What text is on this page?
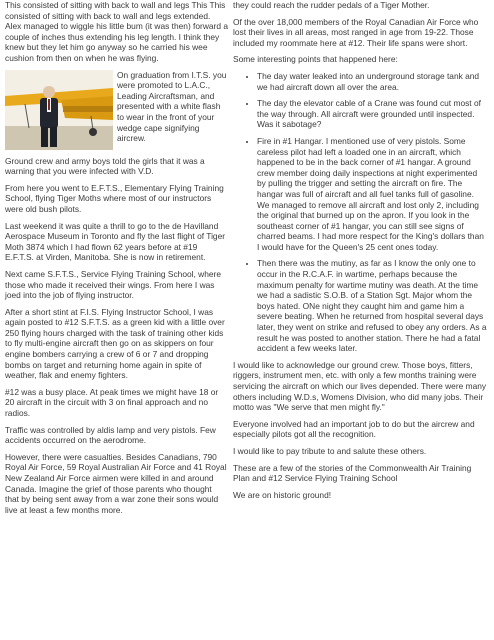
This consisted of sitting with back to wall and legs This This consisted of sitting with back to wall and legs extended. Alex managed to wiggle his little bum (it was then) forward a couple of inches thus extending his leg length. I think they knew but they let him go anyway so he carried his wee cushion from then on when he was flying.

On graduation from I.T.S. you were promoted to L.A.C., Leading Aircraftsman, and presented with a white flash to wear in the front of your wedge cape signifying aircrew.

Ground crew and army boys told the girls that it was a warning that you were infected with V.D.

From here you went to E.F.T.S., Elementary Flying Training School, flying Tiger Moths where most of our instructors were old bush pilots.

Last weekend it was quite a thrill to go to the de Havilland Aerospace Museum in Toronto and fly the last flight of Tiger Moth 3874 which I had flown 62 years before at #19 E.F.T.S. at Virden, Manitoba. She is now in retirement.

Next came S.F.T.S., Service Flying Training School, where those who made it received their wings. From here I was joed into the job of flying instructor.

After a short stint at F.I.S. Flying Instructor School, I was again posted to #12 S.F.T.S. as a green kid with a little over 250 flying hours charged with the task of training other kids to fly multi-engine aircraft then go on as skippers on four engine bombers carrying a crew of 6 or 7 and dropping bombs on target and returning home again in spite of weather, flak and enemy fighters.

#12 was a busy place. At peak times we might have 18 or 20 aircraft in the circuit with 3 on final approach and no radios.

Traffic was controlled by aldis lamp and very pistols. Few accidents occurred on the aerodrome.

However, there were casualties. Besides Canadians, 790 Royal Air Force, 59 Royal Australian Air Force and 41 Royal New Zealand Air Force airmen were killed in and around Canada. Imagine the grief of those parents who thought that by being sent away from a war zone their sons would live at least a few months more.

they could reach the rudder pedals of a Tiger Mother.

Of the over 18,000 members of the Royal Canadian Air Force who lost their lives in all areas, most ranged in age from 19-22. Those included my roommate here at #12. Their life spans were short.

Some interesting points that happened here:

• The day water leaked into an underground storage tank and we had aircraft down all over the area.
• The day the elevator cable of a Crane was found cut most of the way through. All aircraft were grounded until inspected. Was it sabotage?
• Fire in #1 Hangar. I mentioned use of very pistols. Some careless pilot had left a loaded one in an aircraft, which happened to be in the back corner of #1 hangar. A ground crew member doing daily inspections at night experimented by pulling the trigger and setting the aircraft on fire. The hangar was full of aircraft and all fuel tanks full of gasoline. We managed to remove all aircraft and lost only 2, including the original that burned up on the apron. If you look in the southeast corner of #1 hangar, you can still see signs of charred beams. I had more respect for the King's dollars than I would have for the Queen's 25 cent ones today.
• Then there was the mutiny, as far as I know the only one to occur in the R.C.A.F. in wartime, perhaps because the maximum penalty for wartime mutiny was death. At the time we had a sadistic S.O.B. of a Station Sgt. Major whom the boys hated. ONe night they caught him and game him a severe beating. When he returned from hospital several days later, they went on strike and refused to obey any orders. As a result he was posted to another station. There he had a fatal accident a few weeks later.

I would like to acknowledge our ground crew. Those boys, fitters, riggers, instrument men, etc. with only a few months training were servicing the aircraft on which our lives depended. There were many others including W.D.s, Womens Division, who did many jobs. Their motto was "We serve that men might fly."

Everyone involved had an important job to do but the aircrew and especially pilots got all the recognition.

I would like to pay tribute to and salute these others.

These are a few of the stories of the Commonwealth Air Training Plan and #12 Service Flying Training School

We are on historic ground!
